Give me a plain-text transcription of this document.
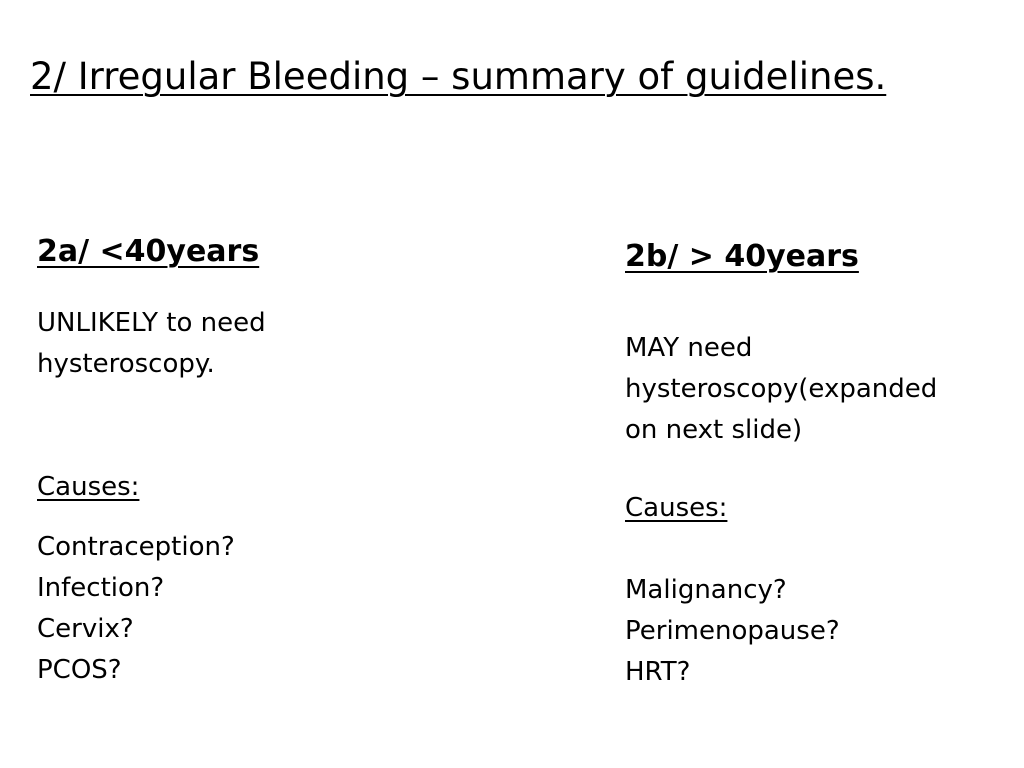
2/ Irregular Bleeding – summary of guidelines.
2a/ <40years
UNLIKELY to need
hysteroscopy.
Causes:
Contraception?
Infection?
Cervix?
PCOS?
2b/ > 40years
MAY need
hysteroscopy(expanded
on next slide)
Causes:
Malignancy?
Perimenopause?
HRT?
